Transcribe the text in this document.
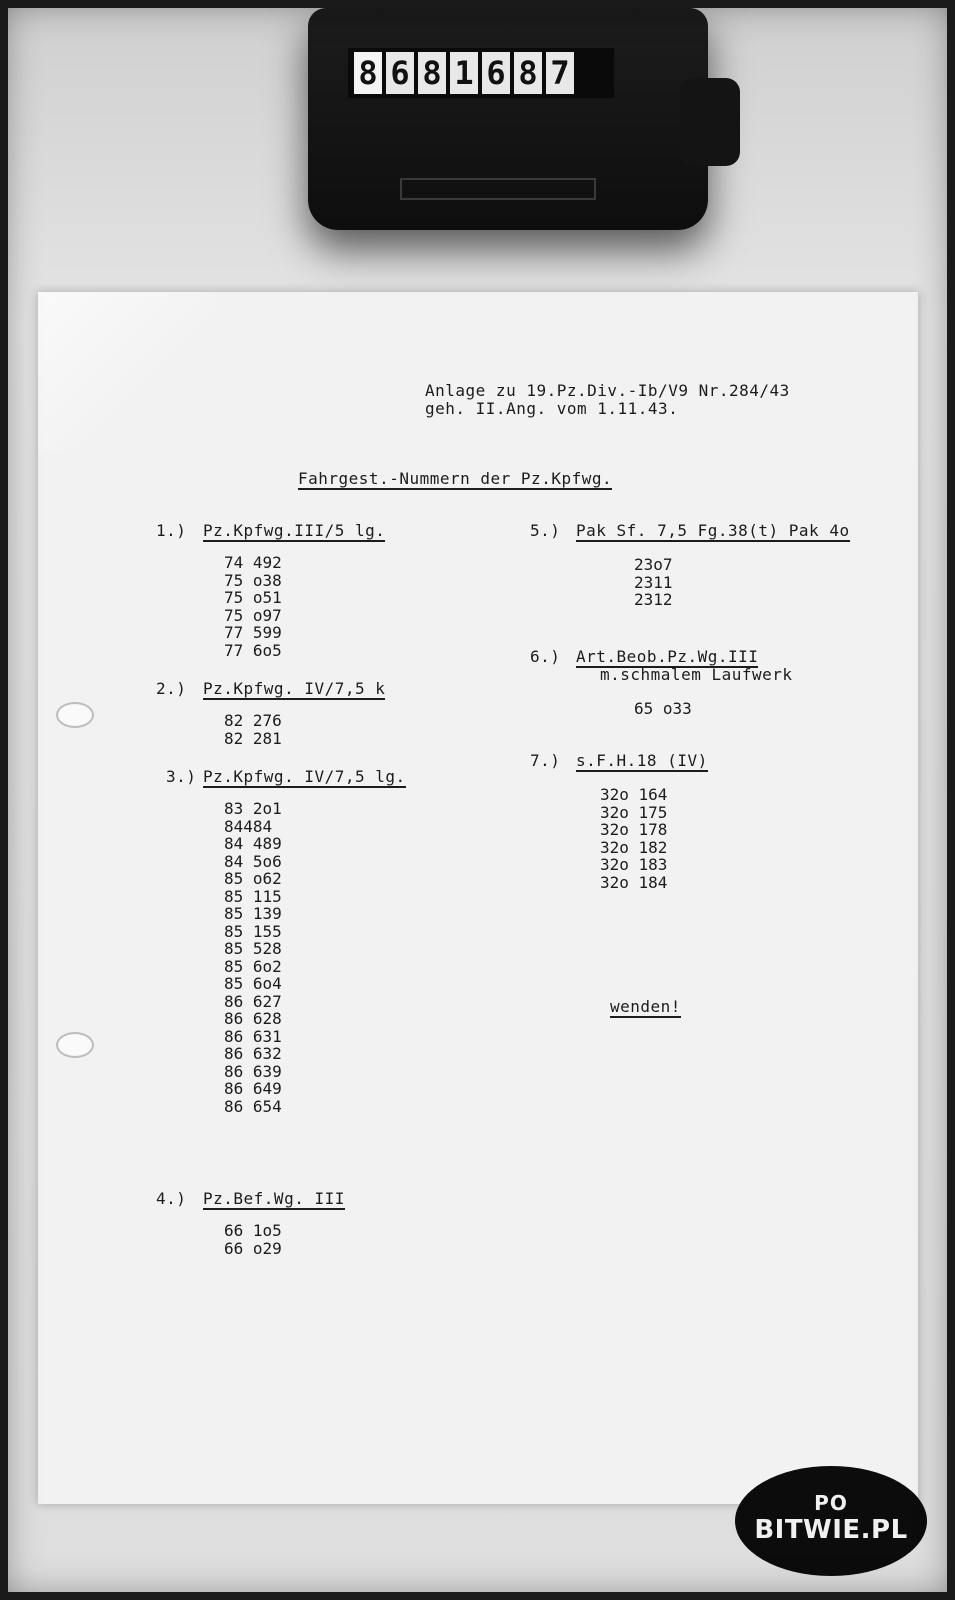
8 6 8 1 6 8 7
Anlage zu 19.Pz.Div.-Ib/V9 Nr.284/43
geh. II.Ang. vom 1.11.43.
Fahrgest.-Nummern der Pz.Kpfwg.
1.) Pz.Kpfwg.III/5 lg.
74 492
75 o38
75 o51
75 o97
77 599
77 6o5
2.) Pz.Kpfwg. IV/7,5 k
82 276
82 281
3.) Pz.Kpfwg. IV/7,5 lg.
83 2o1
84484
84 489
84 5o6
85 o62
85 115
85 139
85 155
85 528
85 6o2
85 6o4
86 627
86 628
86 631
86 632
86 639
86 649
86 654
4.) Pz.Bef.Wg. III
66 1o5
66 o29
5.) Pak Sf. 7,5 Fg.38(t) Pak 4o
23o7
2311
2312
6.) Art.Beob.Pz.Wg.III
m.schmalem Laufwerk
65 o33
7.) s.F.H.18 (IV)
32o 164
32o 175
32o 178
32o 182
32o 183
32o 184
wenden!
PO
BITWIE.PL
